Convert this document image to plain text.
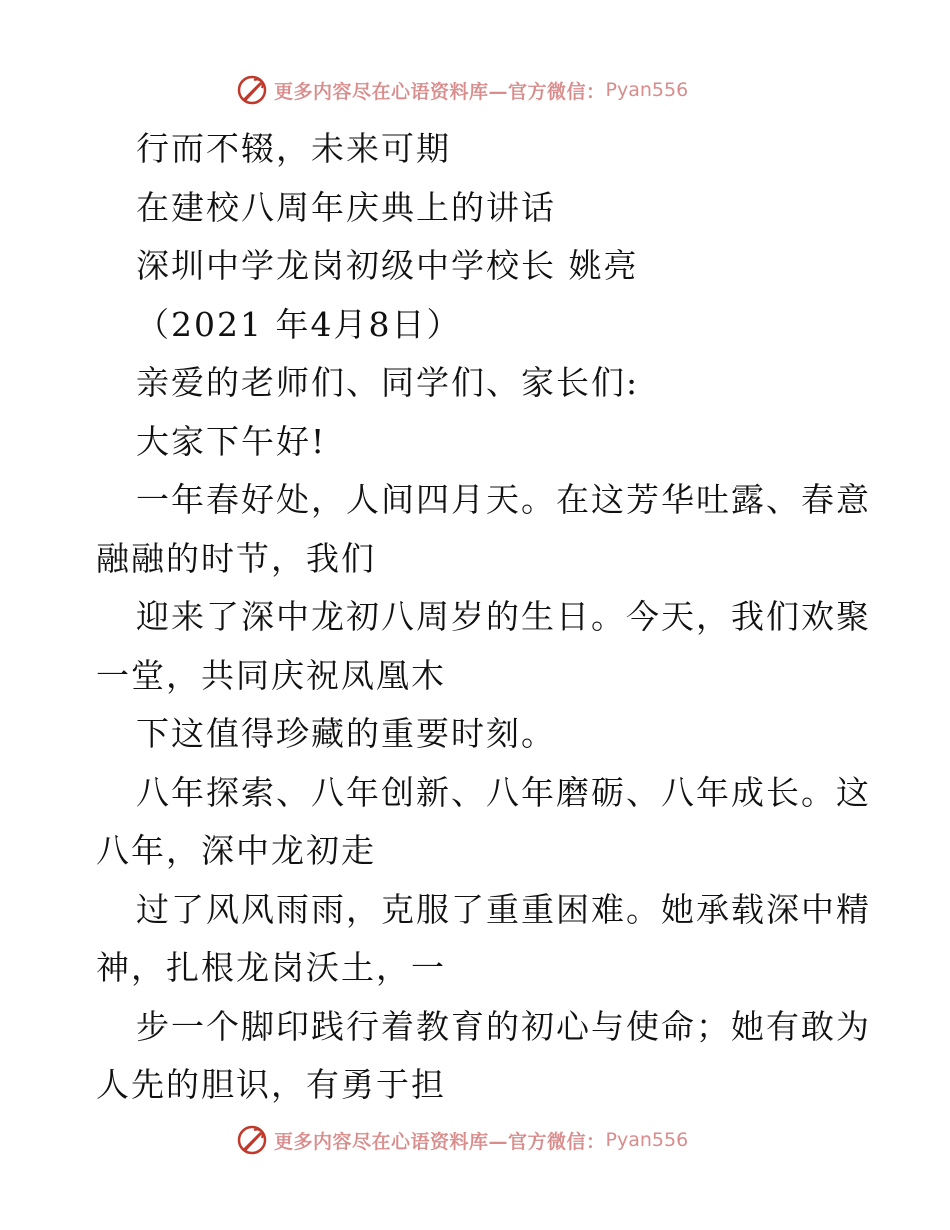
更多内容尽在心语资料库—官方微信： Pyan556
行而不辍，未来可期
在建校八周年庆典上的讲话
深圳中学龙岗初级中学校长 姚亮
（2021 年4月8日）
亲爱的老师们、同学们、家长们:
大家下午好!
一年春好处，人间四月天。在这芳华吐露、春意
融融的时节，我们
迎来了深中龙初八周岁的生日。今天，我们欢聚
一堂，共同庆祝凤凰木
下这值得珍藏的重要时刻。
八年探索、八年创新、八年磨砺、八年成长。这
八年，深中龙初走
过了风风雨雨，克服了重重困难。她承载深中精
神，扎根龙岗沃土，一
步一个脚印践行着教育的初心与使命；她有敢为
人先的胆识，有勇于担
更多内容尽在心语资料库—官方微信： Pyan556
